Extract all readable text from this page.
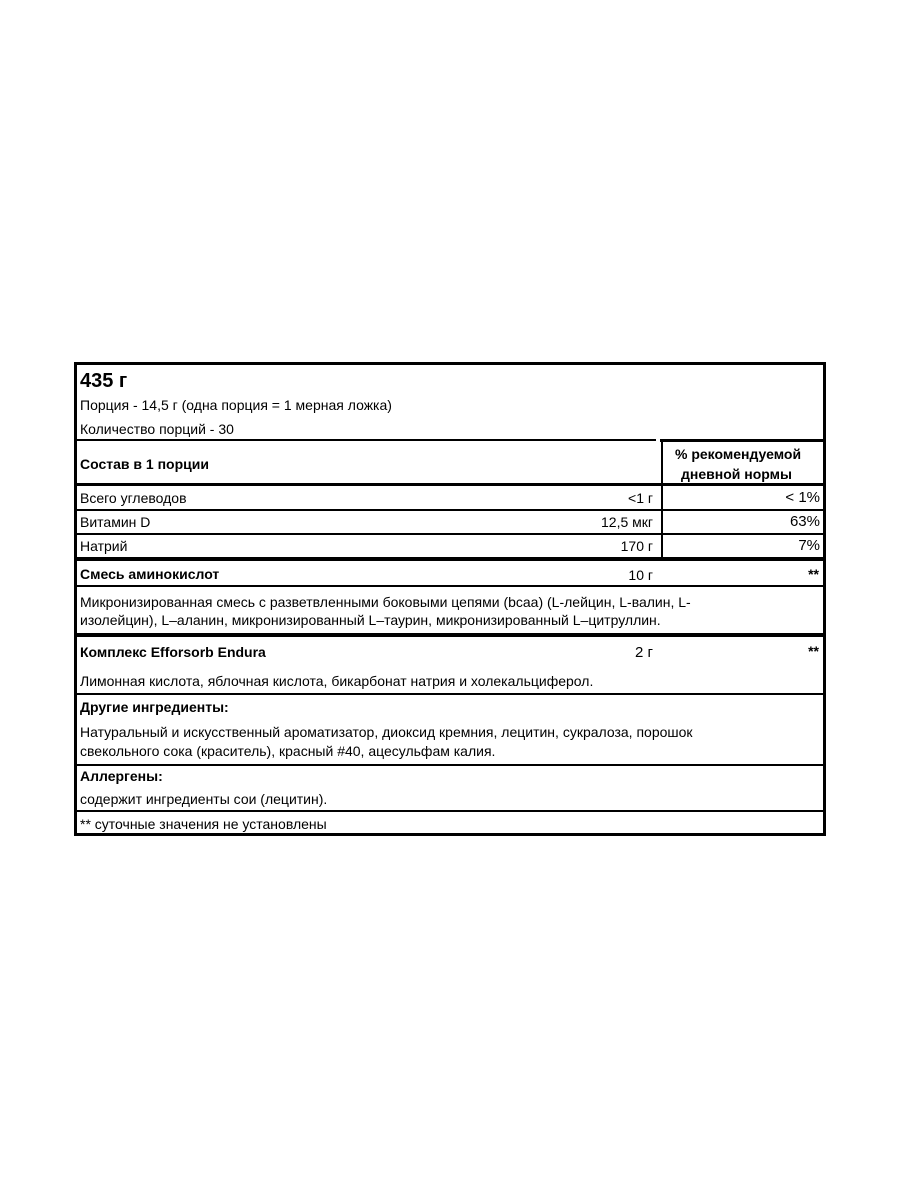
435 г
Порция - 14,5 г (одна порция = 1 мерная ложка)
Количество порций - 30
Состав в 1 порции
% рекомендуемой
дневной нормы
Всего углеводов	<1 г	< 1%
Витамин D	12,5 мкг	63%
Натрий	170 г	7%
Смесь аминокислот	10 г	**
Микронизированная смесь с разветвленными боковыми цепями (bcaa) (L-лейцин, L-валин, L-
изолейцин), L–аланин, микронизированный L–таурин, микронизированный L–цитруллин.
Комплекс Efforsorb Endura	2 г	**
Лимонная кислота, яблочная кислота, бикарбонат натрия и холекальциферол.
Другие ингредиенты:
Натуральный и искусственный ароматизатор, диоксид кремния, лецитин, сукралоза, порошок
свекольного сока (краситель), красный #40, ацесульфам калия.
Аллергены:
содержит ингредиенты сои (лецитин).
** суточные значения не установлены
